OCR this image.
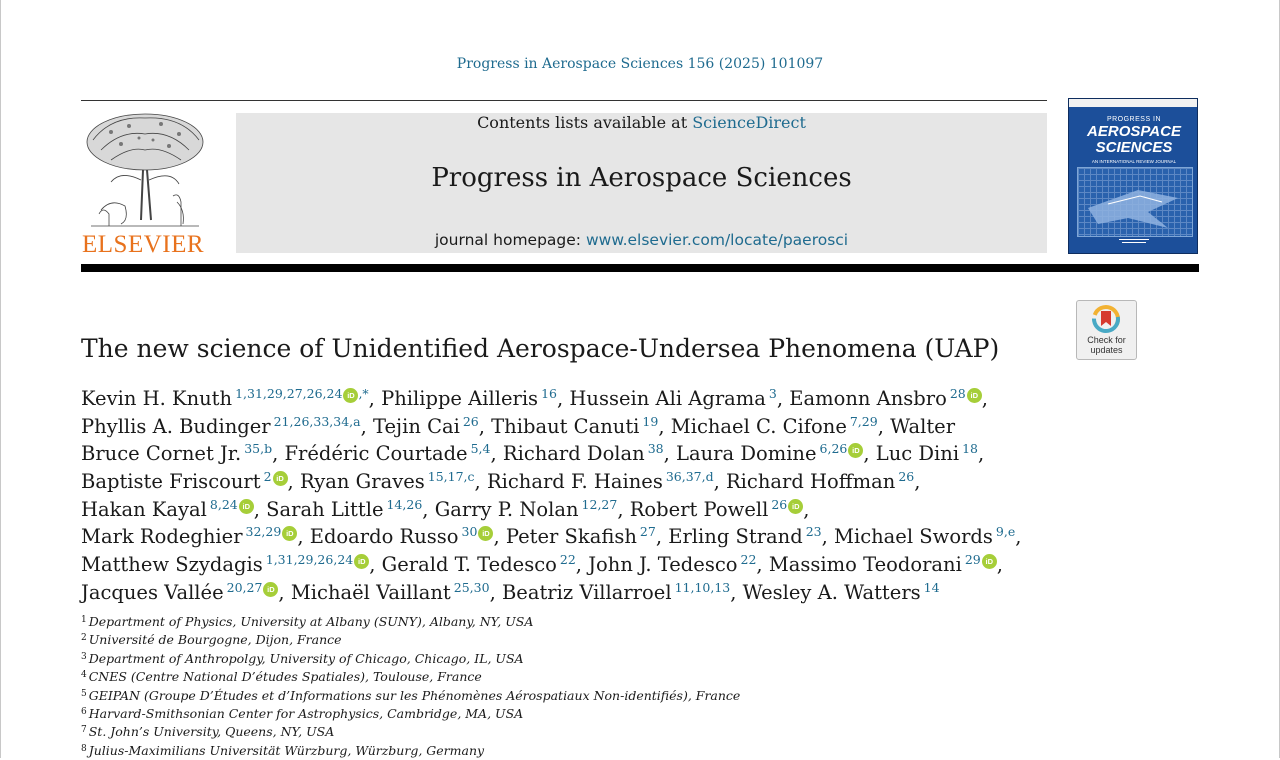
Progress in Aerospace Sciences 156 (2025) 101097
ELSEVIER
Contents lists available at ScienceDirect
Progress in Aerospace Sciences
journal homepage: www.elsevier.com/locate/paerosci
PROGRESS IN
AEROSPACE
SCIENCES
AN INTERNATIONAL REVIEW JOURNAL
Check for
updates
The new science of Unidentified Aerospace-Undersea Phenomena (UAP)
Kevin H. Knuth $^{1,31,29,27,26,24}$ iD ,*, Philippe Ailleris $^{16}$, Hussein Ali Agrama $^3$, Eamonn Ansbro $^{28}$ iD ,
Phyllis A. Budinger $^{21,26,33,34,a}$, Tejin Cai $^{26}$, Thibaut Canuti $^{19}$, Michael C. Cifone $^{7,29}$, Walter
Bruce Cornet Jr. $^{35,b}$, Frédéric Courtade $^{5,4}$, Richard Dolan $^{38}$, Laura Domine $^{6,26}$ iD , Luc Dini $^{18}$,
Baptiste Friscourt $^2$ iD , Ryan Graves $^{15,17,c}$, Richard F. Haines $^{36,37,d}$, Richard Hoffman $^{26}$,
Hakan Kayal $^{8,24}$ iD , Sarah Little $^{14,26}$, Garry P. Nolan $^{12,27}$, Robert Powell $^{26}$ iD ,
Mark Rodeghier $^{32,29}$ iD , Edoardo Russo $^{30}$ iD , Peter Skafish $^{27}$, Erling Strand $^{23}$, Michael Swords $^{9,e}$,
Matthew Szydagis $^{1,31,29,26,24}$ iD , Gerald T. Tedesco $^{22}$, John J. Tedesco $^{22}$, Massimo Teodorani $^{29}$ iD ,
Jacques Vallée $^{20,27}$ iD , Michaël Vaillant $^{25,30}$, Beatriz Villarroel $^{11,10,13}$, Wesley A. Watters $^{14}$
$^1$ Department of Physics, University at Albany (SUNY), Albany, NY, USA
$^2$ Université de Bourgogne, Dijon, France
$^3$ Department of Anthropolgy, University of Chicago, Chicago, IL, USA
$^4$ CNES (Centre National D’études Spatiales), Toulouse, France
$^5$ GEIPAN (Groupe D’Études et d’Informations sur les Phénomènes Aérospatiaux Non-identifiés), France
$^6$ Harvard-Smithsonian Center for Astrophysics, Cambridge, MA, USA
$^7$ St. John’s University, Queens, NY, USA
$^8$ Julius-Maximilians Universität Würzburg, Würzburg, Germany
